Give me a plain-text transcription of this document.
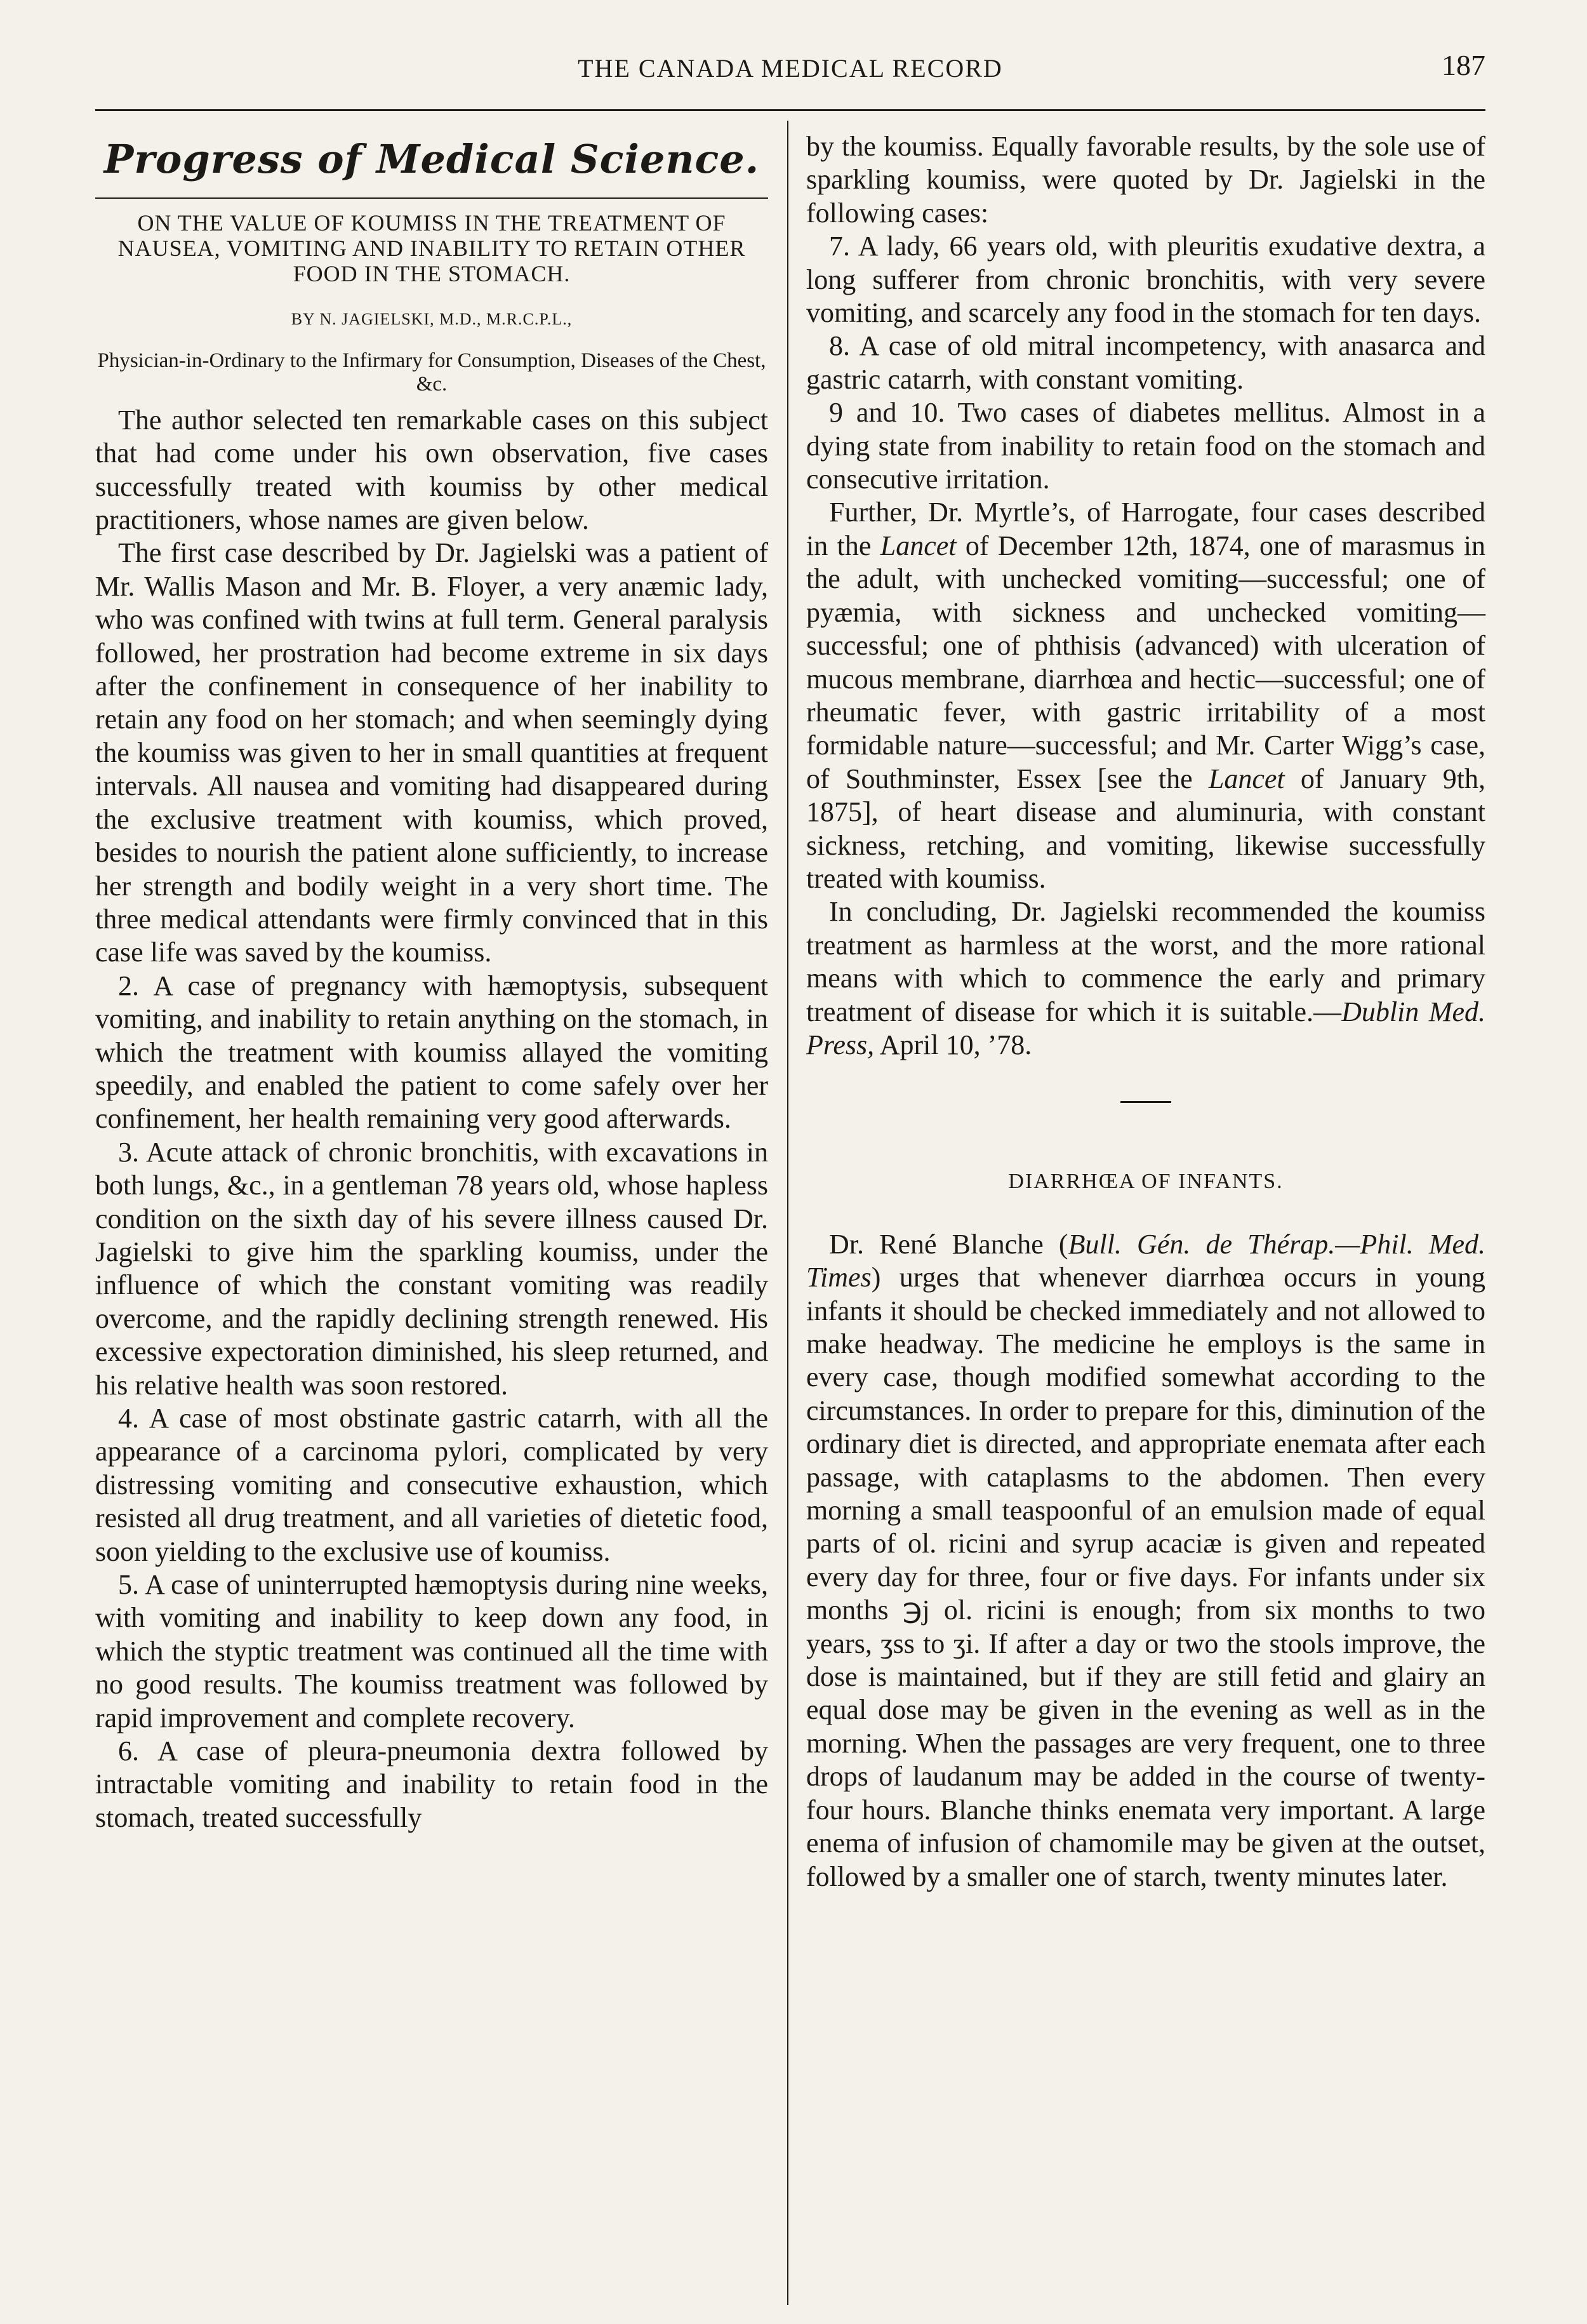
THE CANADA MEDICAL RECORD	187
Progress of Medical Science.
ON THE VALUE OF KOUMISS IN THE TREATMENT OF NAUSEA, VOMITING AND INABILITY TO RETAIN OTHER FOOD IN THE STOMACH.
BY N. JAGIELSKI, M.D., M.R.C.P.L.,
Physician-in-Ordinary to the Infirmary for Consumption, Diseases of the Chest, &c.

The author selected ten remarkable cases on this subject that had come under his own observation, five cases successfully treated with koumiss by other medical practitioners, whose names are given below.

The first case described by Dr. Jagielski was a patient of Mr. Wallis Mason and Mr. B. Floyer, a very anæmic lady, who was confined with twins at full term. General paralysis followed, her prostration had become extreme in six days after the confinement in consequence of her inability to retain any food on her stomach; and when seemingly dying the koumiss was given to her in small quantities at frequent intervals. All nausea and vomiting had disappeared during the exclusive treatment with koumiss, which proved, besides to nourish the patient alone sufficiently, to increase her strength and bodily weight in a very short time. The three medical attendants were firmly convinced that in this case life was saved by the koumiss.

2. A case of pregnancy with hæmoptysis, subsequent vomiting, and inability to retain anything on the stomach, in which the treatment with koumiss allayed the vomiting speedily, and enabled the patient to come safely over her confinement, her health remaining very good afterwards.

3. Acute attack of chronic bronchitis, with excavations in both lungs, &c., in a gentleman 78 years old, whose hapless condition on the sixth day of his severe illness caused Dr. Jagielski to give him the sparkling koumiss, under the influence of which the constant vomiting was readily overcome, and the rapidly declining strength renewed. His excessive expectoration diminished, his sleep returned, and his relative health was soon restored.

4. A case of most obstinate gastric catarrh, with all the appearance of a carcinoma pylori, complicated by very distressing vomiting and consecutive exhaustion, which resisted all drug treatment, and all varieties of dietetic food, soon yielding to the exclusive use of koumiss.

5. A case of uninterrupted hæmoptysis during nine weeks, with vomiting and inability to keep down any food, in which the styptic treatment was continued all the time with no good results. The koumiss treatment was followed by rapid improvement and complete recovery.

6. A case of pleura-pneumonia dextra followed by intractable vomiting and inability to retain food in the stomach, treated successfully

by the koumiss. Equally favorable results, by the sole use of sparkling koumiss, were quoted by Dr. Jagielski in the following cases:

7. A lady, 66 years old, with pleuritis exudative dextra, a long sufferer from chronic bronchitis, with very severe vomiting, and scarcely any food in the stomach for ten days.

8. A case of old mitral incompetency, with anasarca and gastric catarrh, with constant vomiting.

9 and 10. Two cases of diabetes mellitus. Almost in a dying state from inability to retain food on the stomach and consecutive irritation.

Further, Dr. Myrtle’s, of Harrogate, four cases described in the Lancet of December 12th, 1874, one of marasmus in the adult, with unchecked vomiting—successful; one of pyæmia, with sickness and unchecked vomiting—successful; one of phthisis (advanced) with ulceration of mucous membrane, diarrhœa and hectic—successful; one of rheumatic fever, with gastric irritability of a most formidable nature—successful; and Mr. Carter Wigg’s case, of Southminster, Essex [see the Lancet of January 9th, 1875], of heart disease and aluminuria, with constant sickness, retching, and vomiting, likewise successfully treated with koumiss.

In concluding, Dr. Jagielski recommended the koumiss treatment as harmless at the worst, and the more rational means with which to commence the early and primary treatment of disease for which it is suitable.—Dublin Med. Press, April 10, ’78.

DIARRHŒA OF INFANTS.

Dr. René Blanche (Bull. Gén. de Thérap.—Phil. Med. Times) urges that whenever diarrhœa occurs in young infants it should be checked immediately and not allowed to make headway. The medicine he employs is the same in every case, though modified somewhat according to the circumstances. In order to prepare for this, diminution of the ordinary diet is directed, and appropriate enemata after each passage, with cataplasms to the abdomen. Then every morning a small teaspoonful of an emulsion made of equal parts of ol. ricini and syrup acaciæ is given and repeated every day for three, four or five days. For infants under six months ℈j ol. ricini is enough; from six months to two years, ʒss to ʒi. If after a day or two the stools improve, the dose is maintained, but if they are still fetid and glairy an equal dose may be given in the evening as well as in the morning. When the passages are very frequent, one to three drops of laudanum may be added in the course of twenty-four hours. Blanche thinks enemata very important. A large enema of infusion of chamomile may be given at the outset, followed by a smaller one of starch, twenty minutes later.
